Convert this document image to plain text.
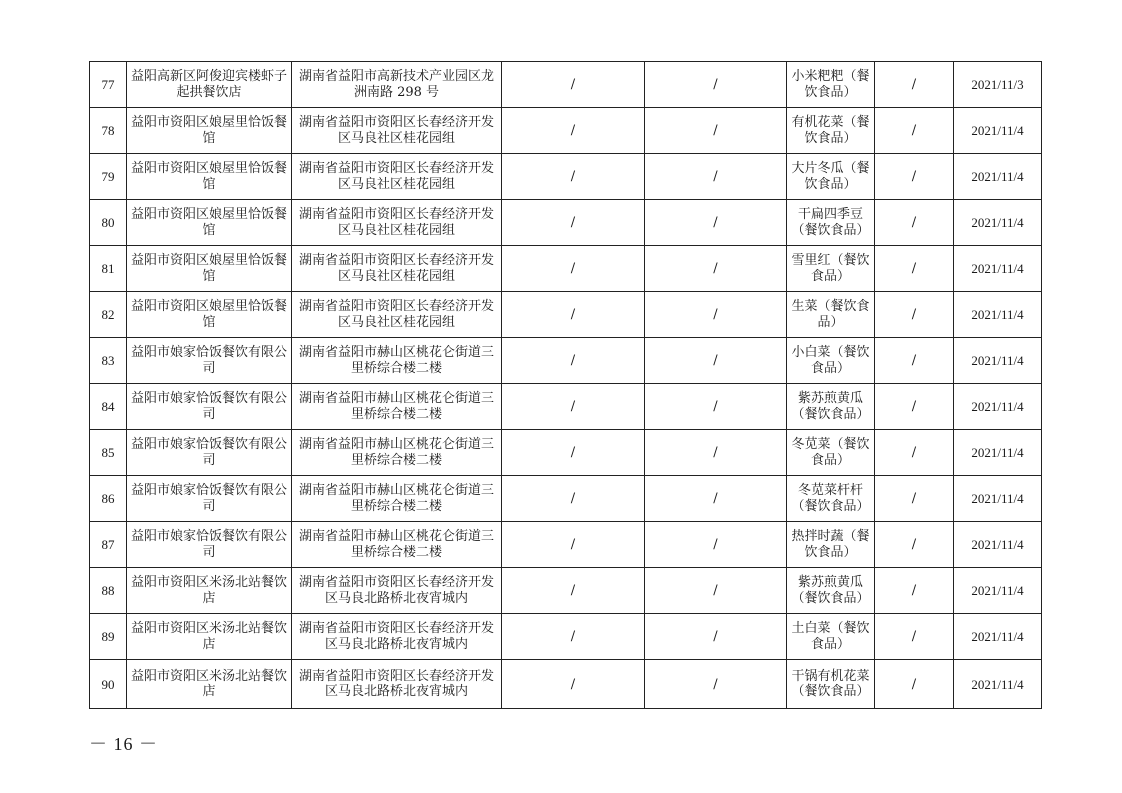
77	益阳高新区阿俊迎宾楼虾子起拱餐饮店	湖南省益阳市高新技术产业园区龙洲南路 298 号	/	/	小米粑粑（餐饮食品）	/	2021/11/3
78	益阳市资阳区娘屋里恰饭餐馆	湖南省益阳市资阳区长春经济开发区马良社区桂花园组	/	/	有机花菜（餐饮食品）	/	2021/11/4
79	益阳市资阳区娘屋里恰饭餐馆	湖南省益阳市资阳区长春经济开发区马良社区桂花园组	/	/	大片冬瓜（餐饮食品）	/	2021/11/4
80	益阳市资阳区娘屋里恰饭餐馆	湖南省益阳市资阳区长春经济开发区马良社区桂花园组	/	/	干扁四季豆（餐饮食品）	/	2021/11/4
81	益阳市资阳区娘屋里恰饭餐馆	湖南省益阳市资阳区长春经济开发区马良社区桂花园组	/	/	雪里红（餐饮食品）	/	2021/11/4
82	益阳市资阳区娘屋里恰饭餐馆	湖南省益阳市资阳区长春经济开发区马良社区桂花园组	/	/	生菜（餐饮食品）	/	2021/11/4
83	益阳市娘家恰饭餐饮有限公司	湖南省益阳市赫山区桃花仑街道三里桥综合楼二楼	/	/	小白菜（餐饮食品）	/	2021/11/4
84	益阳市娘家恰饭餐饮有限公司	湖南省益阳市赫山区桃花仑街道三里桥综合楼二楼	/	/	紫苏煎黄瓜（餐饮食品）	/	2021/11/4
85	益阳市娘家恰饭餐饮有限公司	湖南省益阳市赫山区桃花仑街道三里桥综合楼二楼	/	/	冬苋菜（餐饮食品）	/	2021/11/4
86	益阳市娘家恰饭餐饮有限公司	湖南省益阳市赫山区桃花仑街道三里桥综合楼二楼	/	/	冬苋菜杆杆（餐饮食品）	/	2021/11/4
87	益阳市娘家恰饭餐饮有限公司	湖南省益阳市赫山区桃花仑街道三里桥综合楼二楼	/	/	热拌时蔬（餐饮食品）	/	2021/11/4
88	益阳市资阳区米汤北站餐饮店	湖南省益阳市资阳区长春经济开发区马良北路桥北夜宵城内	/	/	紫苏煎黄瓜（餐饮食品）	/	2021/11/4
89	益阳市资阳区米汤北站餐饮店	湖南省益阳市资阳区长春经济开发区马良北路桥北夜宵城内	/	/	土白菜（餐饮食品）	/	2021/11/4
90	益阳市资阳区米汤北站餐饮店	湖南省益阳市资阳区长春经济开发区马良北路桥北夜宵城内	/	/	干锅有机花菜（餐饮食品）	/	2021/11/4
－ 16 －
